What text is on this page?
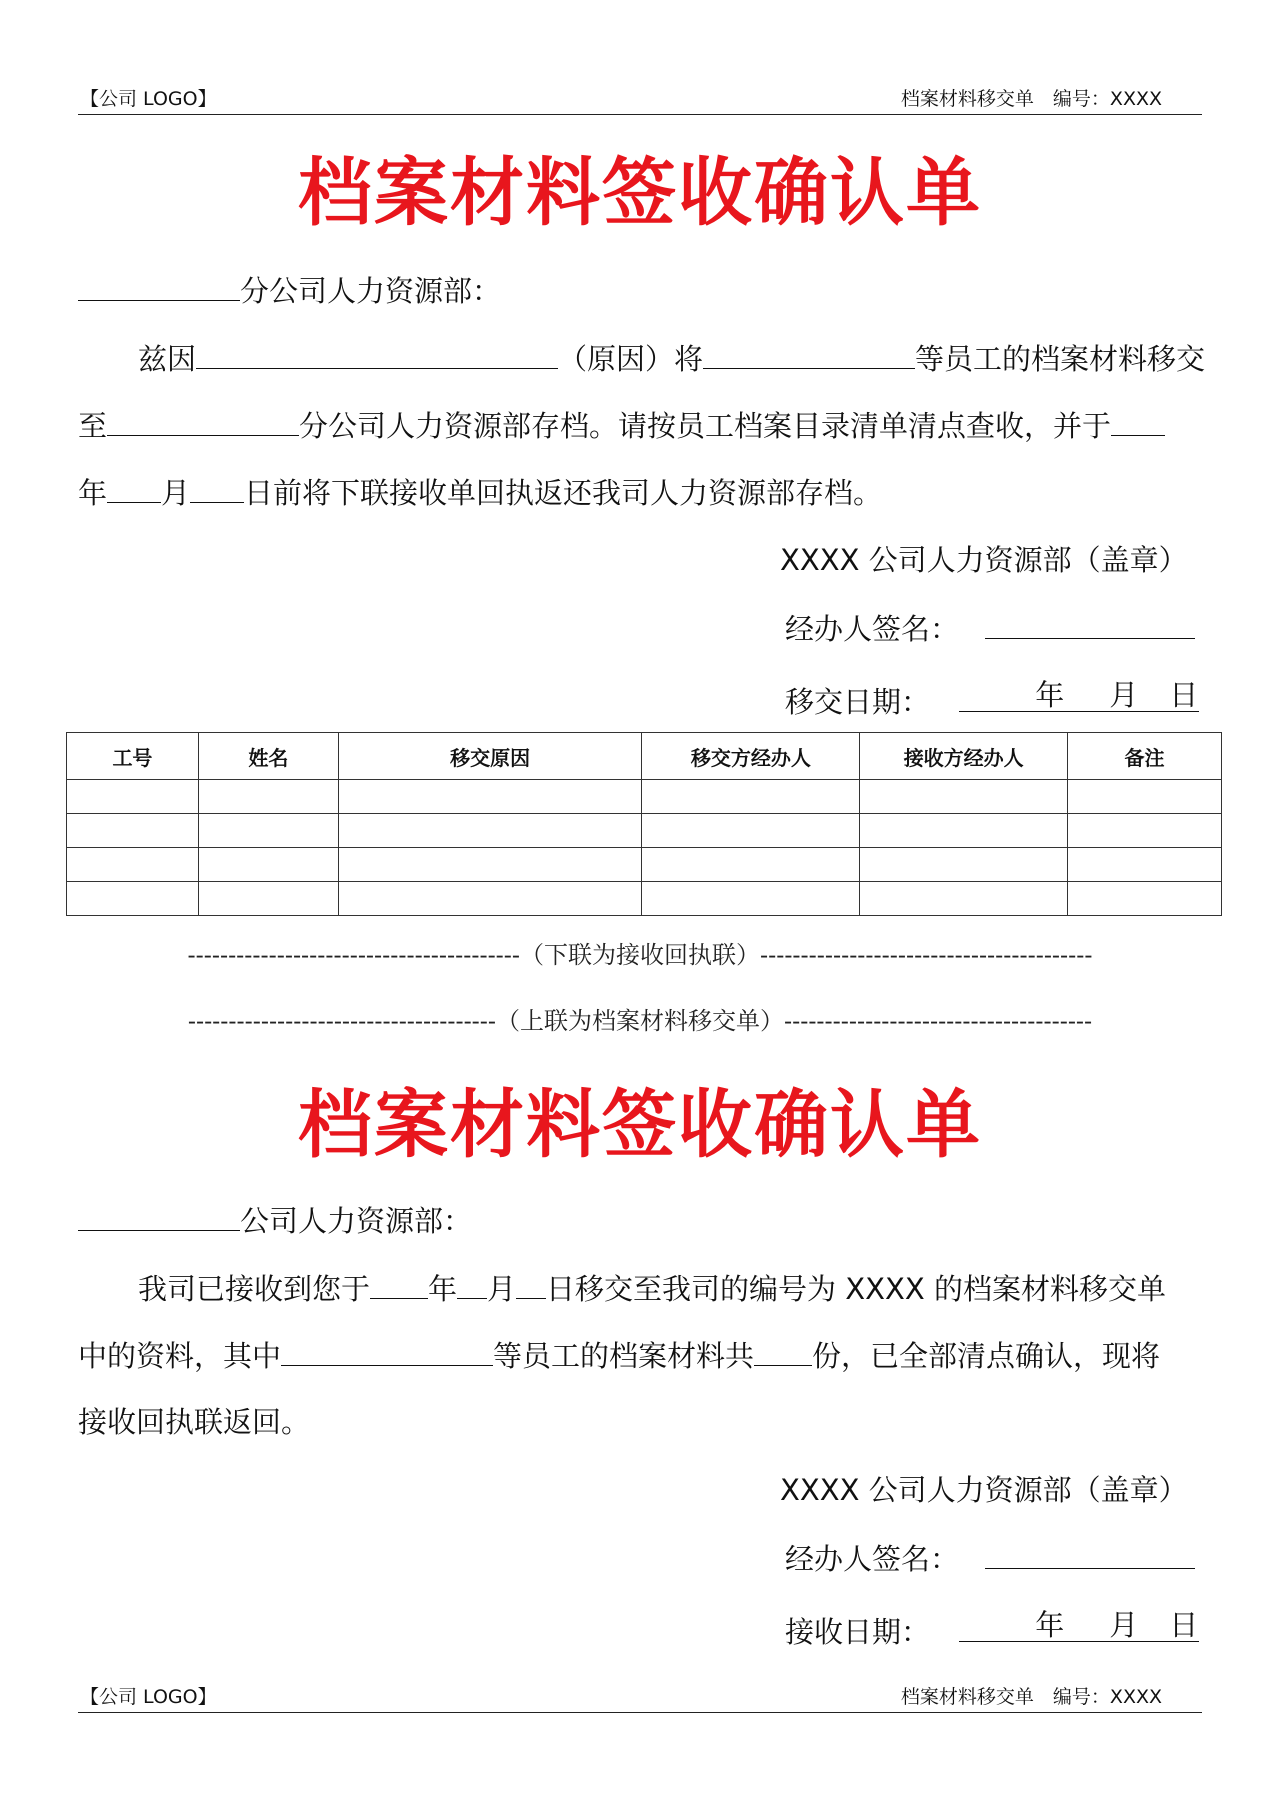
【公司 LOGO】	档案材料移交单　编号：XXXX
档案材料签收确认单
分公司人力资源部：
兹因	（原因）将	等员工的档案材料移交
至	分公司人力资源部存档。请按员工档案目录清单清点查收，并于
年 月 日前将下联接收单回执返还我司人力资源部存档。
XXXX 公司人力资源部（盖章）
经办人签名：
移交日期：	年 月 日
工号	姓名	移交原因	移交方经办人	接收方经办人	备注

-----------------------------------------（下联为接收回执联）-----------------------------------------
--------------------------------------（上联为档案材料移交单）--------------------------------------
档案材料签收确认单
公司人力资源部：
我司已接收到您于 年 月 日移交至我司的编号为 XXXX 的档案材料移交单
中的资料，其中	等员工的档案材料共 份，已全部清点确认，现将
接收回执联返回。
XXXX 公司人力资源部（盖章）
经办人签名：
接收日期：	年 月 日
【公司 LOGO】	档案材料移交单　编号：XXXX
